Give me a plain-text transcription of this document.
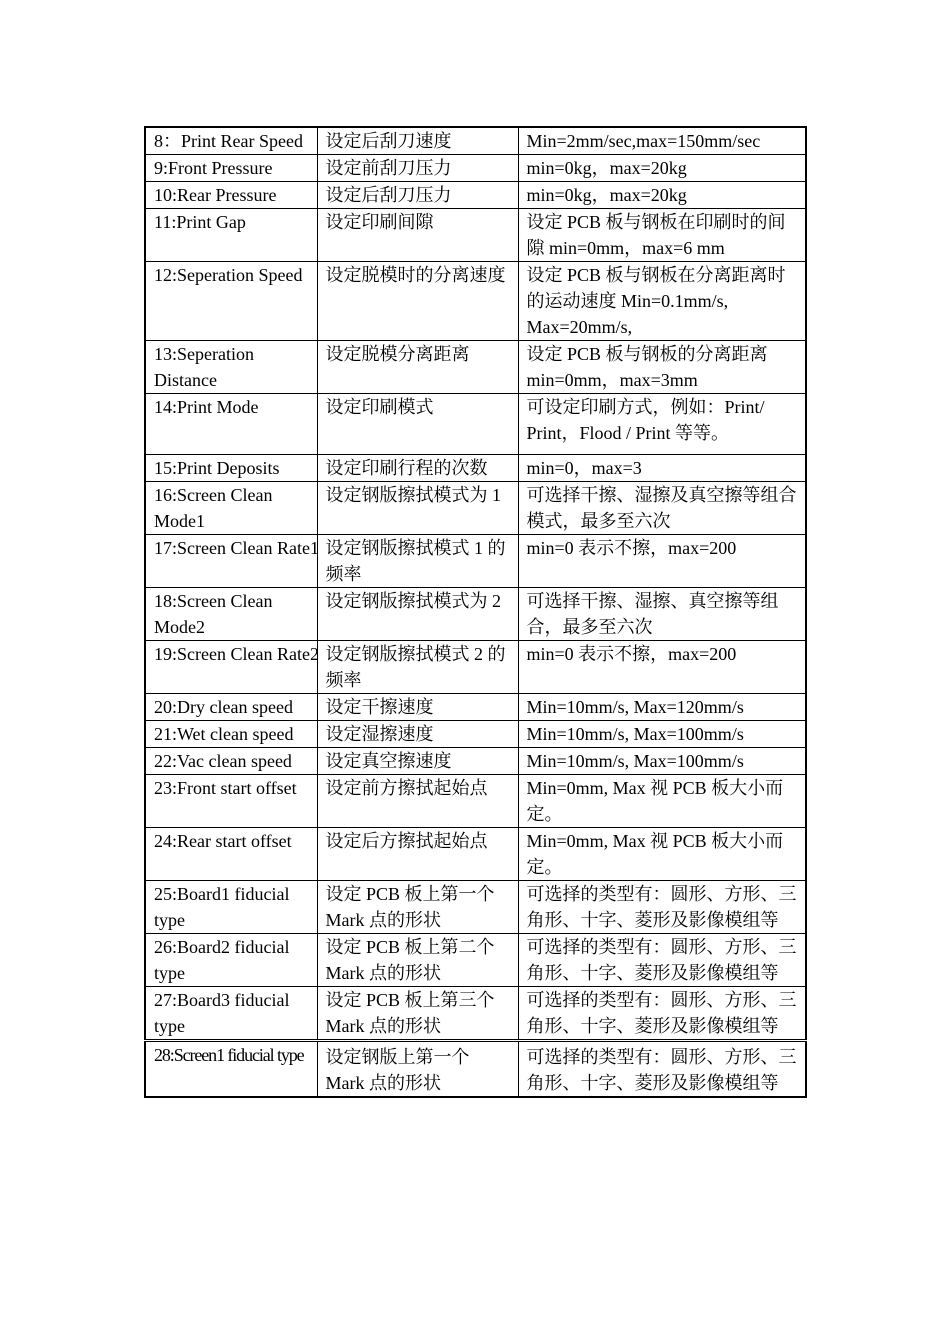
8：Print Rear Speed	设定后刮刀速度	Min=2mm/sec,max=150mm/sec
9:Front Pressure	设定前刮刀压力	min=0kg，max=20kg
10:Rear Pressure	设定后刮刀压力	min=0kg，max=20kg
11:Print Gap	设定印刷间隙	设定 PCB 板与钢板在印刷时的间隙 min=0mm，max=6 mm
12:Seperation Speed	设定脱模时的分离速度	设定 PCB 板与钢板在分离距离时的运动速度 Min=0.1mm/s, Max=20mm/s,
13:Seperation Distance	设定脱模分离距离	设定 PCB 板与钢板的分离距离 min=0mm，max=3mm
14:Print Mode	设定印刷模式	可设定印刷方式，例如：Print/ Print，Flood / Print 等等。
15:Print Deposits	设定印刷行程的次数	min=0，max=3
16:Screen Clean Mode1	设定钢版擦拭模式为 1	可选择干擦、湿擦及真空擦等组合模式，最多至六次
17:Screen Clean Rate1	设定钢版擦拭模式 1 的频率	min=0 表示不擦，max=200
18:Screen Clean Mode2	设定钢版擦拭模式为 2	可选择干擦、湿擦、真空擦等组合，最多至六次
19:Screen Clean Rate2	设定钢版擦拭模式 2 的频率	min=0 表示不擦，max=200
20:Dry clean speed	设定干擦速度	Min=10mm/s, Max=120mm/s
21:Wet clean speed	设定湿擦速度	Min=10mm/s, Max=100mm/s
22:Vac clean speed	设定真空擦速度	Min=10mm/s, Max=100mm/s
23:Front start offset	设定前方擦拭起始点	Min=0mm, Max 视 PCB 板大小而定。
24:Rear start offset	设定后方擦拭起始点	Min=0mm, Max 视 PCB 板大小而定。
25:Board1 fiducial type	设定 PCB 板上第一个 Mark 点的形状	可选择的类型有：圆形、方形、三角形、十字、菱形及影像模组等
26:Board2 fiducial type	设定 PCB 板上第二个 Mark 点的形状	可选择的类型有：圆形、方形、三角形、十字、菱形及影像模组等
27:Board3 fiducial type	设定 PCB 板上第三个 Mark 点的形状	可选择的类型有：圆形、方形、三角形、十字、菱形及影像模组等
28:Screen1 fiducial type	设定钢版上第一个 Mark 点的形状	可选择的类型有：圆形、方形、三角形、十字、菱形及影像模组等
